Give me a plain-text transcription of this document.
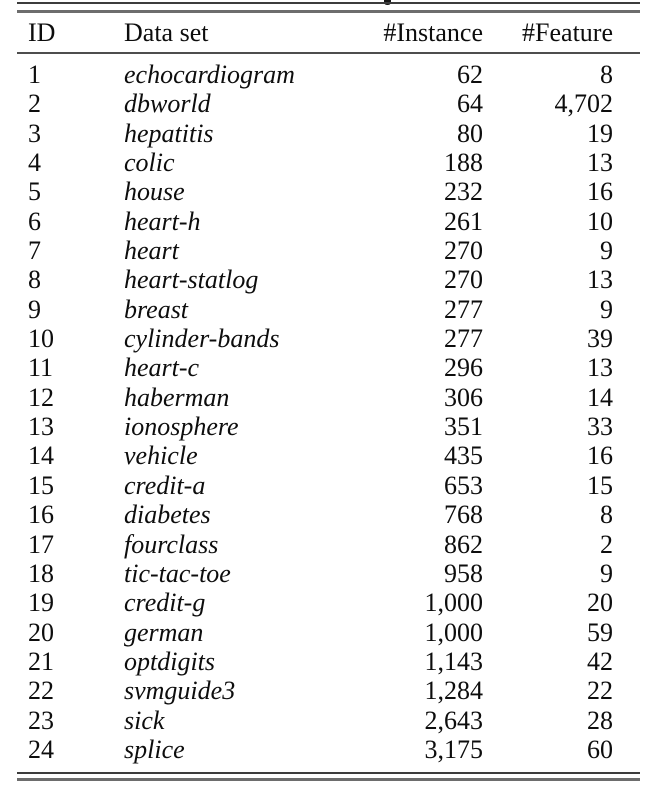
ID	Data set	#Instance	#Feature
1	echocardiogram	62	8
2	dbworld	64	4,702
3	hepatitis	80	19
4	colic	188	13
5	house	232	16
6	heart-h	261	10
7	heart	270	9
8	heart-statlog	270	13
9	breast	277	9
10	cylinder-bands	277	39
11	heart-c	296	13
12	haberman	306	14
13	ionosphere	351	33
14	vehicle	435	16
15	credit-a	653	15
16	diabetes	768	8
17	fourclass	862	2
18	tic-tac-toe	958	9
19	credit-g	1,000	20
20	german	1,000	59
21	optdigits	1,143	42
22	svmguide3	1,284	22
23	sick	2,643	28
24	splice	3,175	60
